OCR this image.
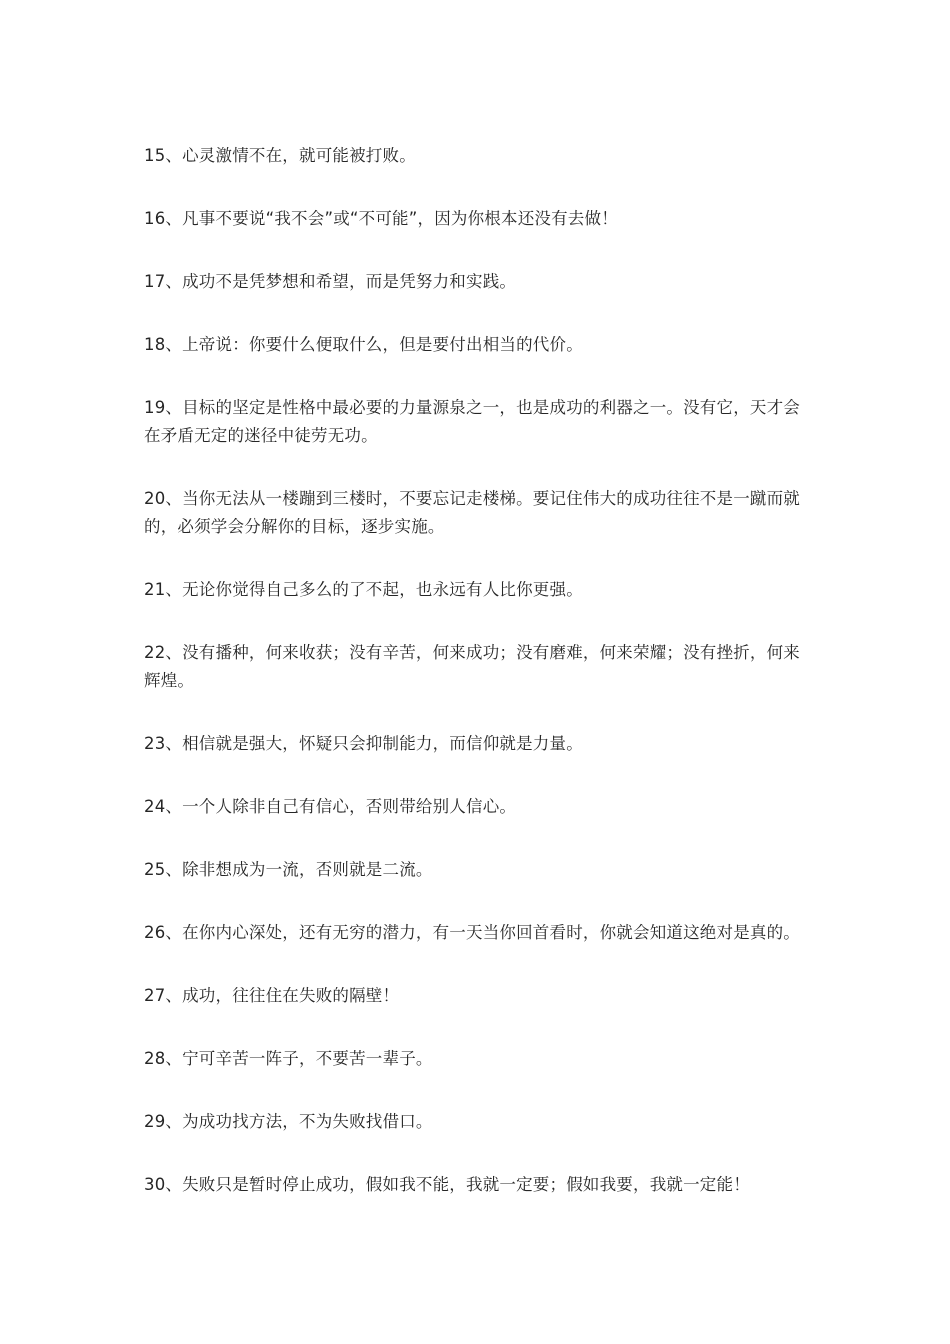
15、心灵激情不在，就可能被打败。

16、凡事不要说“我不会”或“不可能”，因为你根本还没有去做！

17、成功不是凭梦想和希望，而是凭努力和实践。

18、上帝说：你要什么便取什么，但是要付出相当的代价。

19、目标的坚定是性格中最必要的力量源泉之一，也是成功的利器之一。没有它，天才会在矛盾无定的迷径中徒劳无功。

20、当你无法从一楼蹦到三楼时，不要忘记走楼梯。要记住伟大的成功往往不是一蹴而就的，必须学会分解你的目标，逐步实施。

21、无论你觉得自己多么的了不起，也永远有人比你更强。

22、没有播种，何来收获；没有辛苦，何来成功；没有磨难，何来荣耀；没有挫折，何来辉煌。

23、相信就是强大，怀疑只会抑制能力，而信仰就是力量。

24、一个人除非自己有信心，否则带给别人信心。

25、除非想成为一流，否则就是二流。

26、在你内心深处，还有无穷的潜力，有一天当你回首看时，你就会知道这绝对是真的。

27、成功，往往住在失败的隔壁！

28、宁可辛苦一阵子，不要苦一辈子。

29、为成功找方法，不为失败找借口。

30、失败只是暂时停止成功，假如我不能，我就一定要；假如我要，我就一定能！
